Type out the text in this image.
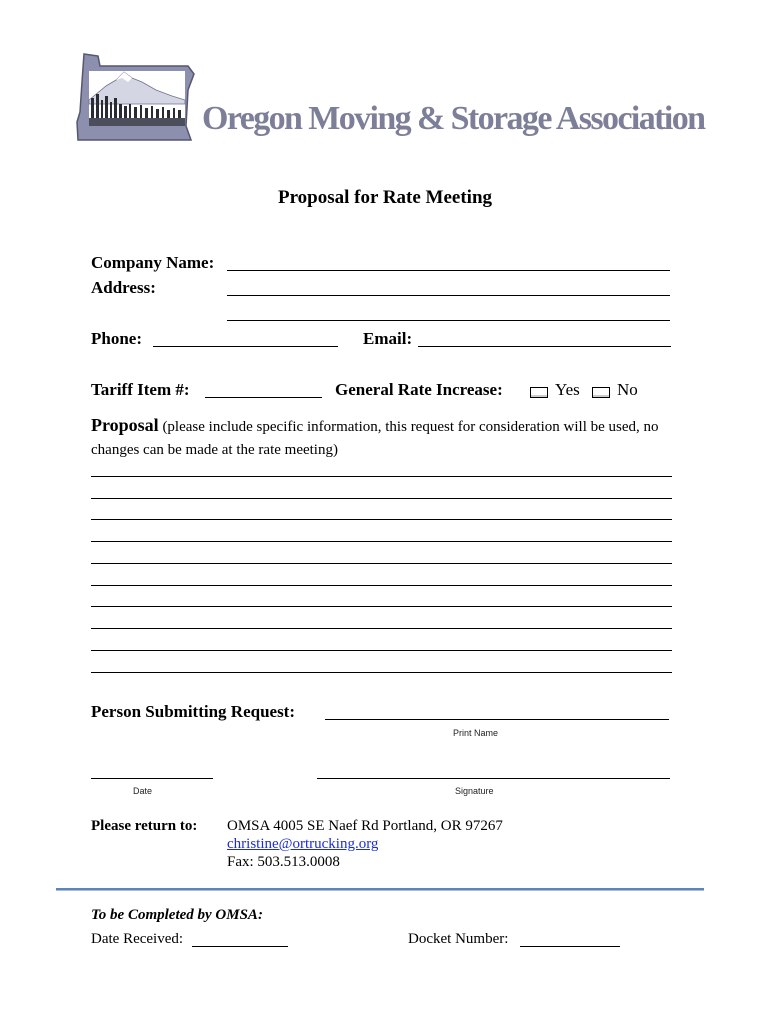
Oregon Moving & Storage Association
Proposal for Rate Meeting
Company Name:
Address:
Phone:	Email:
Tariff Item #:	General Rate Increase:	Yes No
Proposal (please include specific information, this request for consideration will be used, no changes can be made at the rate meeting)
Person Submitting Request:
Print Name
Date	Signature
Please return to: OMSA 4005 SE Naef Rd Portland, OR 97267
christine@ortrucking.org
Fax: 503.513.0008
To be Completed by OMSA:
Date Received:	Docket Number:
